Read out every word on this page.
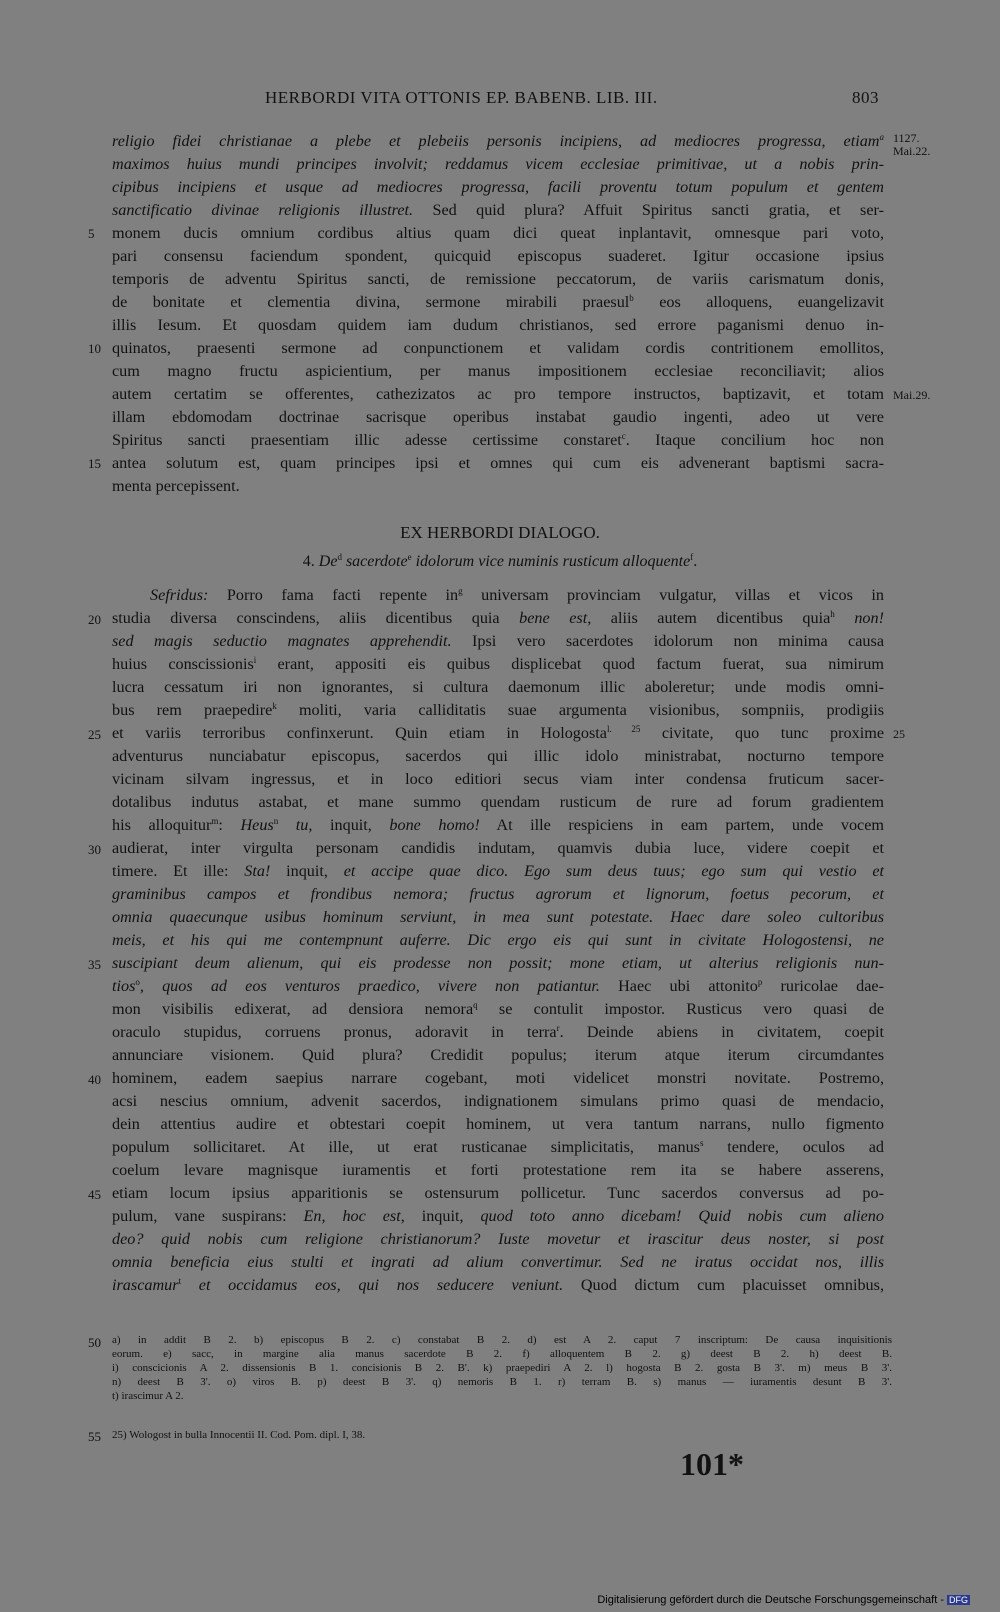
HERBORDI VITA OTTONIS EP. BABENB. LIB. III.	803
1127.
Mai.22.
Mai.29.
25
5
10
15
20
25
30
35
40
45
50
55
religio fidei christianae a plebe et plebeiis personis incipiens, ad mediocres progressa, etiam$^a$
maximos huius mundi principes involvit; reddamus vicem ecclesiae primitivae, ut a nobis prin-
cipibus incipiens et usque ad mediocres progressa, facili proventu totum populum et gentem
sanctificatio divinae religionis illustret. Sed quid plura? Affuit Spiritus sancti gratia, et ser-
monem ducis omnium cordibus altius quam dici queat inplantavit, omnesque pari voto,
pari consensu faciendum spondent, quicquid episcopus suaderet. Igitur occasione ipsius
temporis de adventu Spiritus sancti, de remissione peccatorum, de variis carismatum donis,
de bonitate et clementia divina, sermone mirabili praesul$^b$ eos alloquens, euangelizavit
illis Iesum. Et quosdam quidem iam dudum christianos, sed errore paganismi denuo in-
quinatos, praesenti sermone ad conpunctionem et validam cordis contritionem emollitos,
cum magno fructu aspicientium, per manus impositionem ecclesiae reconciliavit; alios
autem certatim se offerentes, cathezizatos ac pro tempore instructos, baptizavit, et totam
illam ebdomodam doctrinae sacrisque operibus instabat gaudio ingenti, adeo ut vere
Spiritus sancti praesentiam illic adesse certissime constaret$^c$. Itaque concilium hoc non
antea solutum est, quam principes ipsi et omnes qui cum eis advenerant baptismi sacra-
menta percepissent.
EX HERBORDI DIALOGO.
4. De$^d$ sacerdote$^e$ idolorum vice numinis rusticum alloquente$^f$.
Sefridus: Porro fama facti repente $in^g$ universam provinciam vulgatur, villas et vicos in
studia diversa conscindens, aliis dicentibus quia bene est, aliis autem dicentibus quia$^h$ non!
sed magis seductio magnates apprehendit. Ipsi vero sacerdotes idolorum non minima causa
huius conscissionis$^i$ erant, appositi eis quibus displicebat quod factum fuerat, sua nimirum
lucra cessatum iri non ignorantes, si cultura daemonum illic aboleretur; unde modis omni-
bus rem praepedire$^k$ moliti, varia calliditatis suae argumenta visionibus, sompniis, prodigiis
et variis terroribus confinxerunt. Quin etiam in Hologosta$^{l. 25}$ civitate, quo tunc proxime
adventurus nunciabatur episcopus, sacerdos qui illic idolo ministrabat, nocturno tempore
vicinam silvam ingressus, et in loco editiori secus viam inter condensa fruticum sacer-
dotalibus indutus astabat, et mane summo quendam rusticum de rure ad forum gradientem
his alloquitur$^m$: Heus$^n$ tu, inquit, bone homo! At ille respiciens in eam partem, unde vocem
audierat, inter virgulta personam candidis indutam, quamvis dubia luce, videre coepit et
timere. Et ille: Sta! inquit, et accipe quae dico. Ego sum deus tuus; ego sum qui vestio et
graminibus campos et frondibus nemora; fructus agrorum et lignorum, foetus pecorum, et
omnia quaecunque usibus hominum serviunt, in mea sunt potestate. Haec dare soleo cultoribus
meis, et his qui me contempnunt auferre. Dic ergo eis qui sunt in civitate Hologostensi, ne
suscipiant deum alienum, qui eis prodesse non possit; mone etiam, ut alterius religionis nun-
tios$^o$, quos ad eos venturos praedico, vivere non patiantur. Haec ubi attonito$^p$ ruricolae dae-
mon visibilis edixerat, ad densiora nemora$^q$ se contulit impostor. Rusticus vero quasi de
oraculo stupidus, corruens pronus, adoravit in terra$^r$. Deinde abiens in civitatem, coepit
annunciare visionem. Quid plura? Credidit populus; iterum atque iterum circumdantes
hominem, eadem saepius narrare cogebant, moti videlicet monstri novitate. Postremo,
acsi nescius omnium, advenit sacerdos, indignationem simulans primo quasi de mendacio,
dein attentius audire et obtestari coepit hominem, ut vera tantum narrans, nullo figmento
populum sollicitaret. At ille, ut erat rusticanae simplicitatis, manus$^s$ tendere, oculos ad
coelum levare magnisque iuramentis et forti protestatione rem ita se habere asserens,
etiam locum ipsius apparitionis se ostensurum pollicetur. Tunc sacerdos conversus ad po-
pulum, vane suspirans: En, hoc est, inquit, quod toto anno dicebam! Quid nobis cum alieno
deo? quid nobis cum religione christianorum? Iuste movetur et irascitur deus noster, si post
omnia beneficia eius stulti et ingrati ad alium convertimur. Sed ne iratus occidat nos, illis
irascamur$^t$ et occidamus eos, qui nos seducere veniunt. Quod dictum cum placuisset omnibus,
a) in addit B 2. b) episcopus B 2. c) constabat B 2. d) est A 2. caput 7 inscriptum: De causa inquisitionis
eorum. e) sacc, in margine alia manus sacerdote B 2. f) alloquentem B 2. g) deest B 2. h) deest B.
i) conscicionis A 2. dissensionis B 1. concisionis B 2. B'. k) praepediri A 2. l) hogosta B 2. gosta B 3'. m) meus B 3'.
n) deest B 3'. o) viros B. p) deest B 3'. q) nemoris B 1. r) terram B. s) manus — iuramentis desunt B 3'.
t) irascimur A 2.
25) Wologost in bulla Innocentii II. Cod. Pom. dipl. I, 38.
101*
Digitalisierung gefördert durch die Deutsche Forschungsgemeinschaft - DFG
